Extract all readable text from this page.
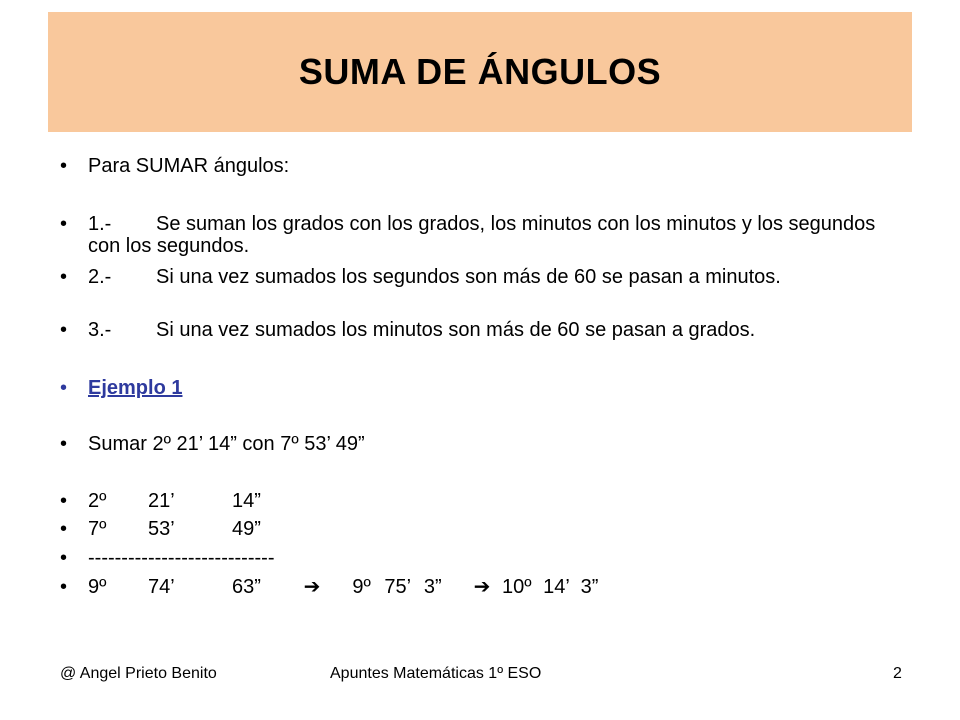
SUMA DE ÁNGULOS
• Para SUMAR ángulos:
• 1.- Se suman los grados con los grados, los minutos con los minutos y los segundos con los segundos.
• 2.- Si una vez sumados los segundos son más de 60 se pasan a minutos.
• 3.- Si una vez sumados los minutos son más de 60 se pasan a grados.
• Ejemplo 1
• Sumar 2º 21’ 14” con 7º 53’ 49”
• 2º 21’	14”
• 7º 53’	49”
• ----------------------------
• 9º 74’	63” ➔ 9º 75’ 3” ➔ 10º 14’ 3”
@ Angel Prieto Benito	Apuntes Matemáticas 1º ESO	2
